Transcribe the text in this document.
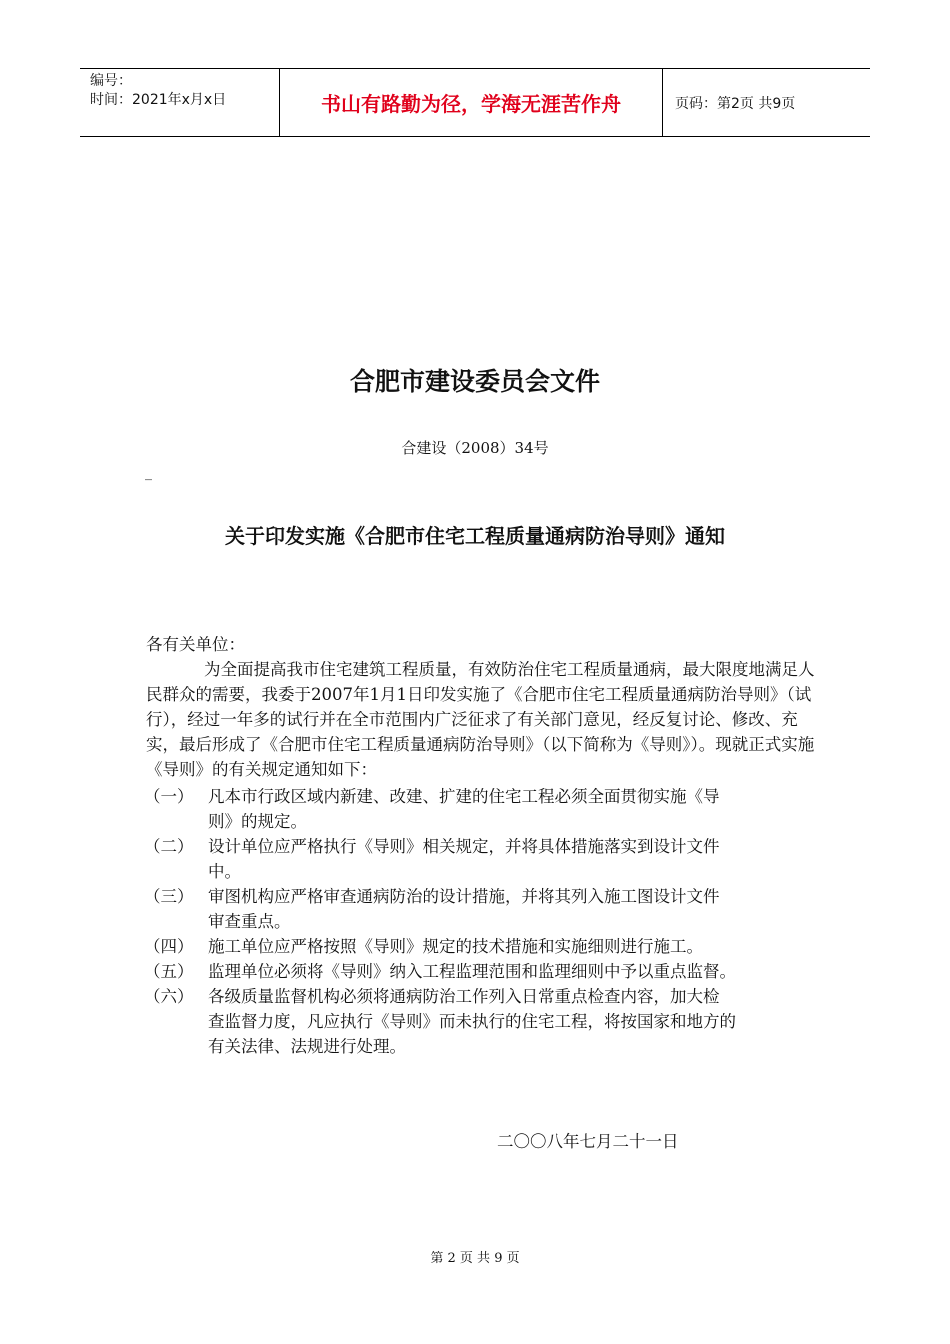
编号：
时间：2021年x月x日	书山有路勤为径，学海无涯苦作舟	页码：第2页 共9页
合肥市建设委员会文件
合建设（2008）34号
_
关于印发实施《合肥市住宅工程质量通病防治导则》通知

各有关单位：

为全面提高我市住宅建筑工程质量，有效防治住宅工程质量通病，最大限度地满足人民群众的需要，我委于2007年1月1日印发实施了《合肥市住宅工程质量通病防治导则》（试行），经过一年多的试行并在全市范围内广泛征求了有关部门意见，经反复讨论、修改、充实，最后形成了《合肥市住宅工程质量通病防治导则》（以下简称为《导则》）。现就正式实施《导则》的有关规定通知如下：

（一） 凡本市行政区域内新建、改建、扩建的住宅工程必须全面贯彻实施《导
则》的规定。
（二） 设计单位应严格执行《导则》相关规定，并将具体措施落实到设计文件
中。
（三） 审图机构应严格审查通病防治的设计措施，并将其列入施工图设计文件
审查重点。
（四） 施工单位应严格按照《导则》规定的技术措施和实施细则进行施工。
（五） 监理单位必须将《导则》纳入工程监理范围和监理细则中予以重点监督。
（六） 各级质量监督机构必须将通病防治工作列入日常重点检查内容，加大检
查监督力度，凡应执行《导则》而未执行的住宅工程，将按国家和地方的
有关法律、法规进行处理。
二〇〇八年七月二十一日
第 2 页 共 9 页
